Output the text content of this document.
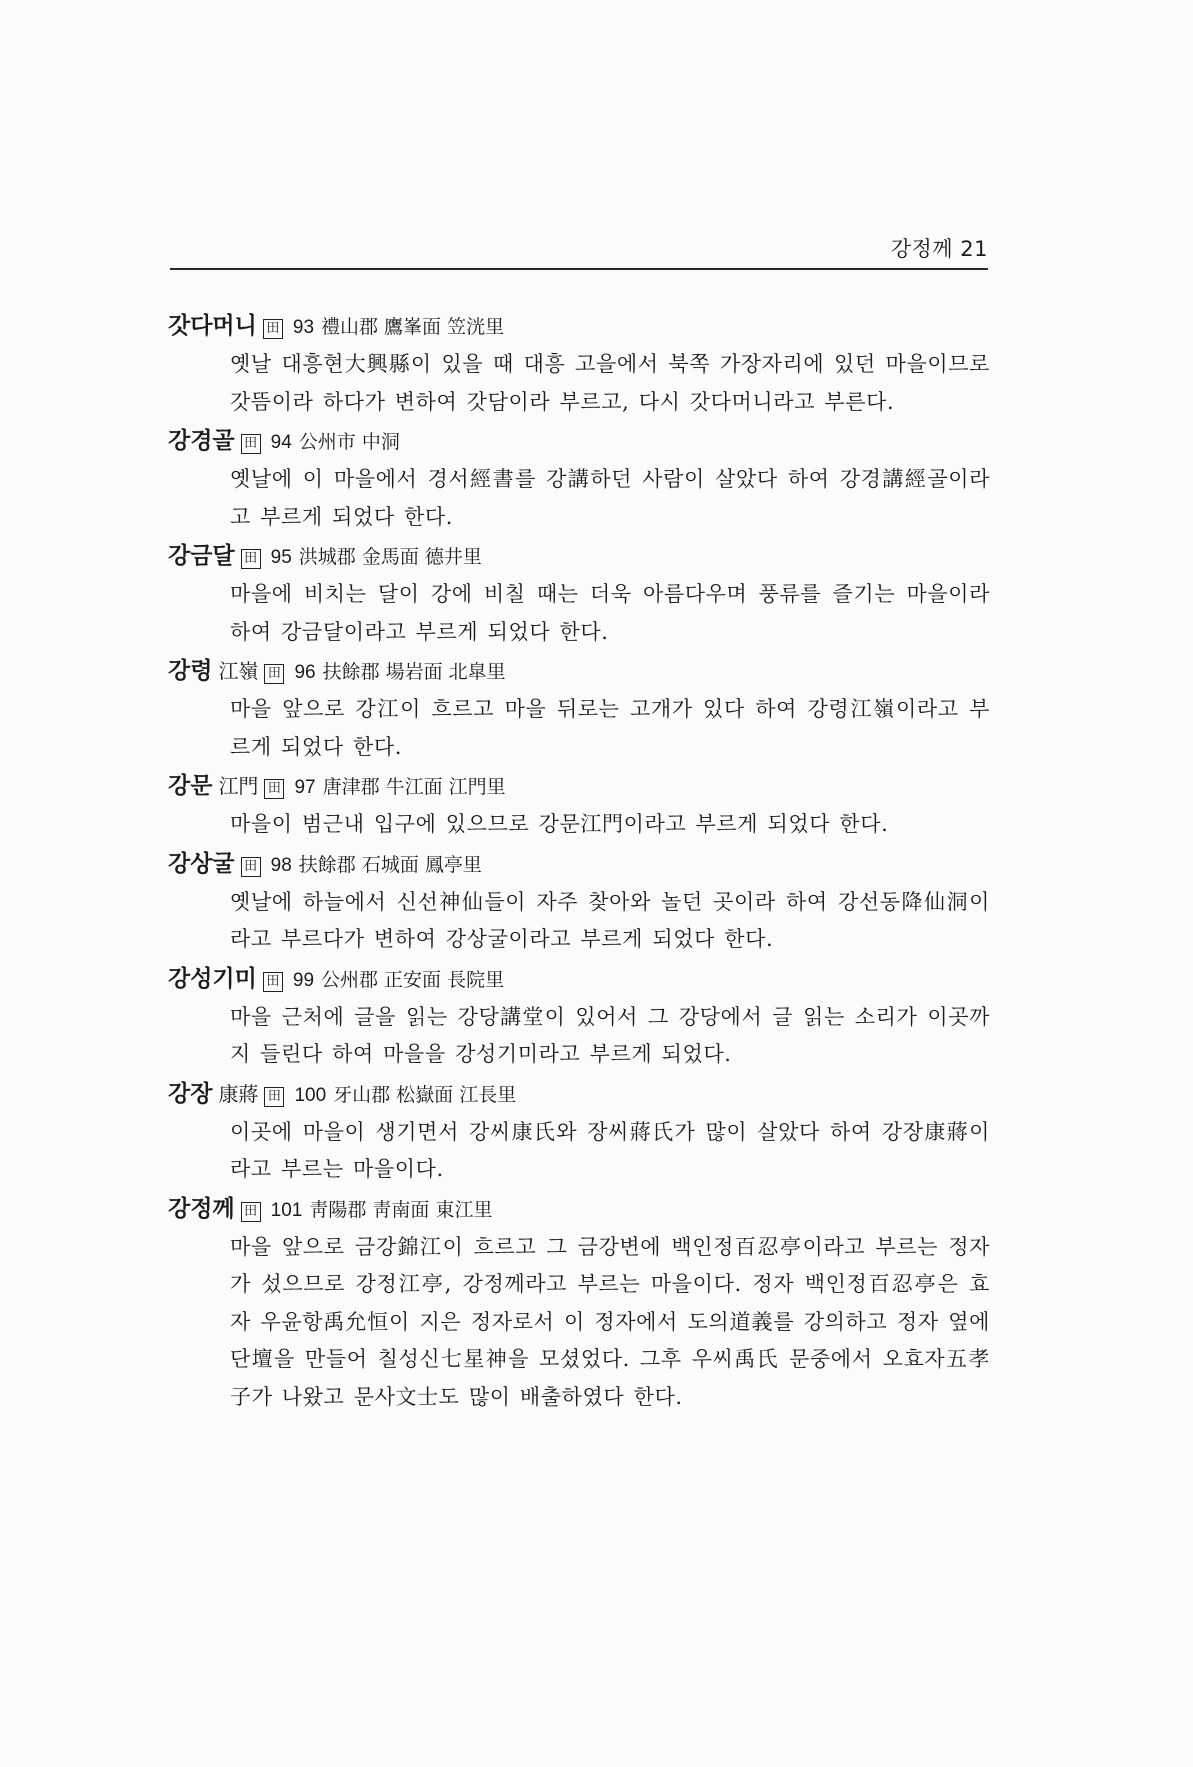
강정께 21
갓다머니 田 93 禮山郡 鷹峯面 笠洸里
옛날 대흥현大興縣이 있을 때 대흥 고을에서 북쪽 가장자리에 있던 마을이므로 갓뜸이라 하다가 변하여 갓담이라 부르고, 다시 갓다머니라고 부른다.
강경골 田 94 公州市 中洞
옛날에 이 마을에서 경서經書를 강講하던 사람이 살았다 하여 강경講經골이라고 부르게 되었다 한다.
강금달 田 95 洪城郡 金馬面 德井里
마을에 비치는 달이 강에 비칠 때는 더욱 아름다우며 풍류를 즐기는 마을이라 하여 강금달이라고 부르게 되었다 한다.
강령 江嶺 田 96 扶餘郡 場岩面 北皐里
마을 앞으로 강江이 흐르고 마을 뒤로는 고개가 있다 하여 강령江嶺이라고 부르게 되었다 한다.
강문 江門 田 97 唐津郡 牛江面 江門里
마을이 범근내 입구에 있으므로 강문江門이라고 부르게 되었다 한다.
강상굴 田 98 扶餘郡 石城面 鳳亭里
옛날에 하늘에서 신선神仙들이 자주 찾아와 놀던 곳이라 하여 강선동降仙洞이라고 부르다가 변하여 강상굴이라고 부르게 되었다 한다.
강성기미 田 99 公州郡 正安面 長院里
마을 근처에 글을 읽는 강당講堂이 있어서 그 강당에서 글 읽는 소리가 이곳까지 들린다 하여 마을을 강성기미라고 부르게 되었다.
강장 康蔣 田 100 牙山郡 松嶽面 江長里
이곳에 마을이 생기면서 강씨康氏와 장씨蔣氏가 많이 살았다 하여 강장康蔣이라고 부르는 마을이다.
강정께 田 101 靑陽郡 靑南面 東江里
마을 앞으로 금강錦江이 흐르고 그 금강변에 백인정百忍亭이라고 부르는 정자가 섰으므로 강정江亭, 강정께라고 부르는 마을이다. 정자 백인정百忍亭은 효자 우윤항禹允恒이 지은 정자로서 이 정자에서 도의道義를 강의하고 정자 옆에 단壇을 만들어 칠성신七星神을 모셨었다. 그후 우씨禹氏 문중에서 오효자五孝子가 나왔고 문사文士도 많이 배출하였다 한다.
